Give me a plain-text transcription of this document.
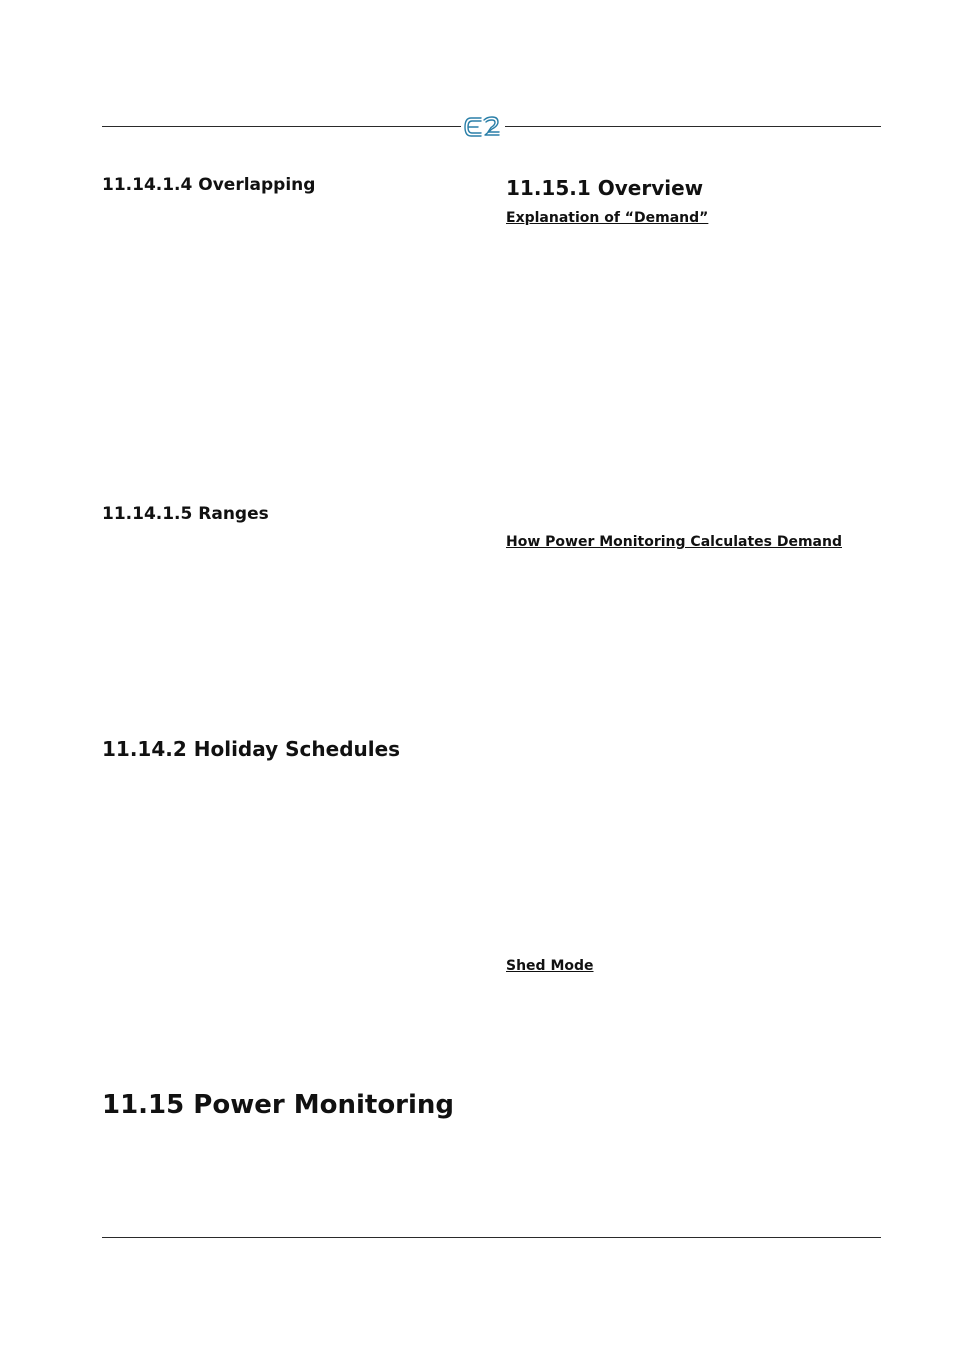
11.14.1.4 Overlapping
11.14.1.5 Ranges
11.14.2 Holiday Schedules
11.15 Power Monitoring
11.15.1 Overview
Explanation of “Demand”
How Power Monitoring Calculates Demand
Shed Mode
